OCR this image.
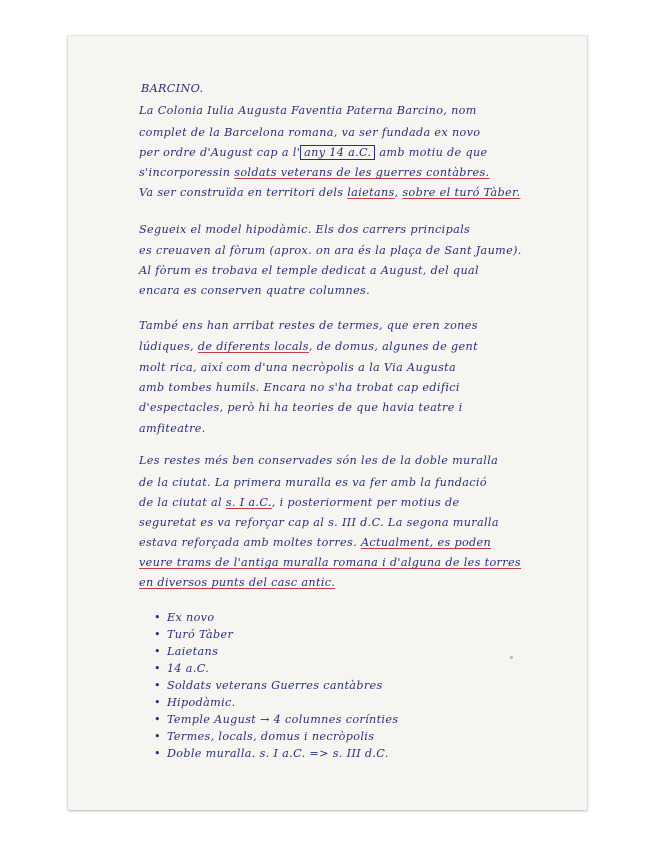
BARCINO.
La Colonia Iulia Augusta Faventia Paterna Barcino, nom
complet de la Barcelona romana, va ser fundada ex novo
per ordre d'August cap a l' any 14 a.C. amb motiu de que
s'incorporessin soldats veterans de les guerres contàbres.
Va ser construïda en territori dels laietans, sobre el turó Tàber.
Segueix el model hipodàmic. Els dos carrers principals
es creuaven al fòrum (aprox. on ara és la plaça de Sant Jaume).
Al fòrum es trobava el temple dedicat a August, del qual
encara es conserven quatre columnes.
També ens han arribat restes de termes, que eren zones
lúdiques, de diferents locals, de domus, algunes de gent
molt rica, així com d'una necròpolis a la Via Augusta
amb tombes humils. Encara no s'ha trobat cap edifici
d'espectacles, però hi ha teories de que havia teatre i
amfiteatre.
Les restes més ben conservades són les de la doble muralla
de la ciutat. La primera muralla es va fer amb la fundació
de la ciutat al s. I a.C., i posteriorment per motius de
seguretat es va reforçar cap al s. III d.C. La segona muralla
estava reforçada amb moltes torres. Actualment, es poden
veure trams de l'antiga muralla romana i d'alguna de les torres
en diversos punts del casc antic.
• Ex novo
• Turó Tàber
• Laietans
• 14 a.C.
• Soldats veterans Guerres cantàbres
• Hipodàmic.
• Temple August → 4 columnes corínties
• Termes, locals, domus i necròpolis
• Doble muralla. s. I a.C. => s. III d.C.
